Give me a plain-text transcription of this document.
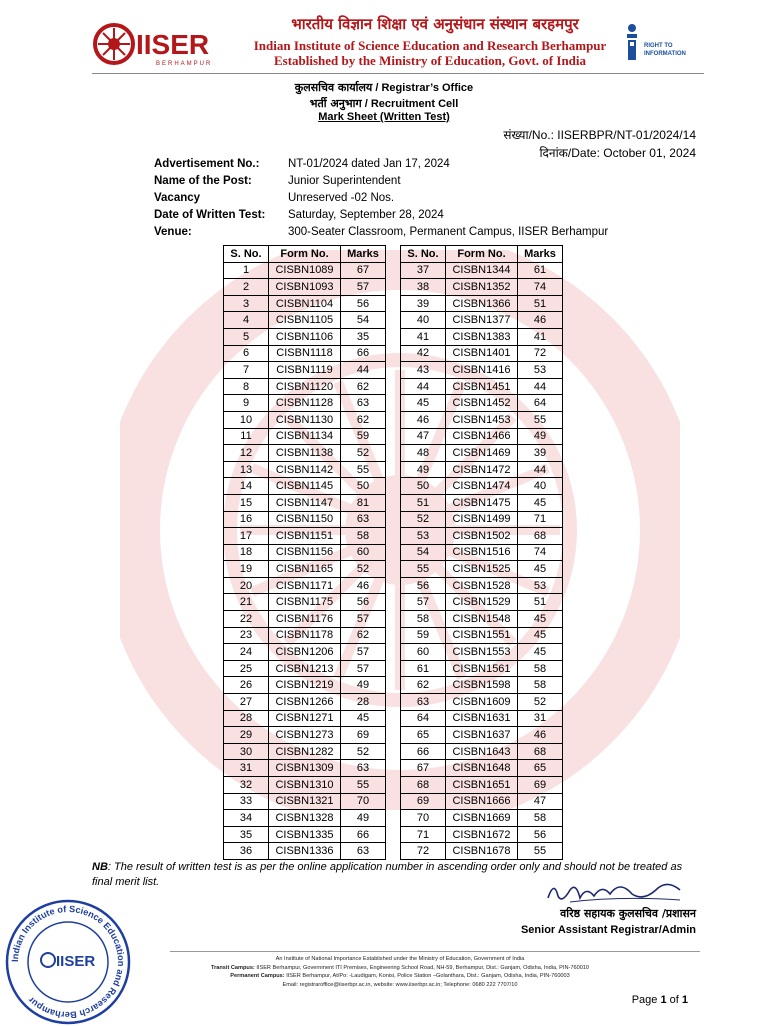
IISER
BERHAMPUR
भारतीय विज्ञान शिक्षा एवं अनुसंधान संस्थान बरहमपुर
Indian Institute of Science Education and Research Berhampur
Established by the Ministry of Education, Govt. of India
RIGHT TO
INFORMATION
कुलसचिव कार्यालय / Registrar’s Office
भर्ती अनुभाग / Recruitment Cell
Mark Sheet (Written Test)
संख्या/No.: IISERBPR/NT-01/2024/14
दिनांक/Date: October 01, 2024
Advertisement No.:	NT-01/2024 dated Jan 17, 2024
Name of the Post:	Junior Superintendent
Vacancy	Unreserved -02 Nos.
Date of Written Test:	Saturday, September 28, 2024
Venue:	300-Seater Classroom, Permanent Campus, IISER Berhampur
S. No.	Form No.	Marks
1	CISBN1089	67
2	CISBN1093	57
3	CISBN1104	56
4	CISBN1105	54
5	CISBN1106	35
6	CISBN1118	66
7	CISBN1119	44
8	CISBN1120	62
9	CISBN1128	63
10	CISBN1130	62
11	CISBN1134	59
12	CISBN1138	52
13	CISBN1142	55
14	CISBN1145	50
15	CISBN1147	81
16	CISBN1150	63
17	CISBN1151	58
18	CISBN1156	60
19	CISBN1165	52
20	CISBN1171	46
21	CISBN1175	56
22	CISBN1176	57
23	CISBN1178	62
24	CISBN1206	57
25	CISBN1213	57
26	CISBN1219	49
27	CISBN1266	28
28	CISBN1271	45
29	CISBN1273	69
30	CISBN1282	52
31	CISBN1309	63
32	CISBN1310	55
33	CISBN1321	70
34	CISBN1328	49
35	CISBN1335	66
36	CISBN1336	63
S. No.	Form No.	Marks
37	CISBN1344	61
38	CISBN1352	74
39	CISBN1366	51
40	CISBN1377	46
41	CISBN1383	41
42	CISBN1401	72
43	CISBN1416	53
44	CISBN1451	44
45	CISBN1452	64
46	CISBN1453	55
47	CISBN1466	49
48	CISBN1469	39
49	CISBN1472	44
50	CISBN1474	40
51	CISBN1475	45
52	CISBN1499	71
53	CISBN1502	68
54	CISBN1516	74
55	CISBN1525	45
56	CISBN1528	53
57	CISBN1529	51
58	CISBN1548	45
59	CISBN1551	45
60	CISBN1553	45
61	CISBN1561	58
62	CISBN1598	58
63	CISBN1609	52
64	CISBN1631	31
65	CISBN1637	46
66	CISBN1643	68
67	CISBN1648	65
68	CISBN1651	69
69	CISBN1666	47
70	CISBN1669	58
71	CISBN1672	56
72	CISBN1678	55
NB: The result of written test is as per the online application number in ascending order only and should not be treated as final merit list.
वरिष्ठ सहायक कुलसचिव /प्रशासन
Senior Assistant Registrar/Admin
Indian Institute of Science Education and Research Berhampur
IISER	An Institute of National Importance Established under the Ministry of Education, Government of India
Transit Campus: IISER Berhampur, Government ITI Premises, Engineering School Road, NH-59, Berhampur, Dist.: Ganjam, Odisha, India, PIN-760010
Permanent Campus: IISER Berhampur, At/Po: -Laudigam, Konisi, Police Station –Golanthara, Dist.: Ganjam, Odisha, India, PIN-760003
Email: registraroffice@iiserbpr.ac.in, website: www.iiserbpr.ac.in; Telephone: 0680 222 7707/10
Page 1 of 1
